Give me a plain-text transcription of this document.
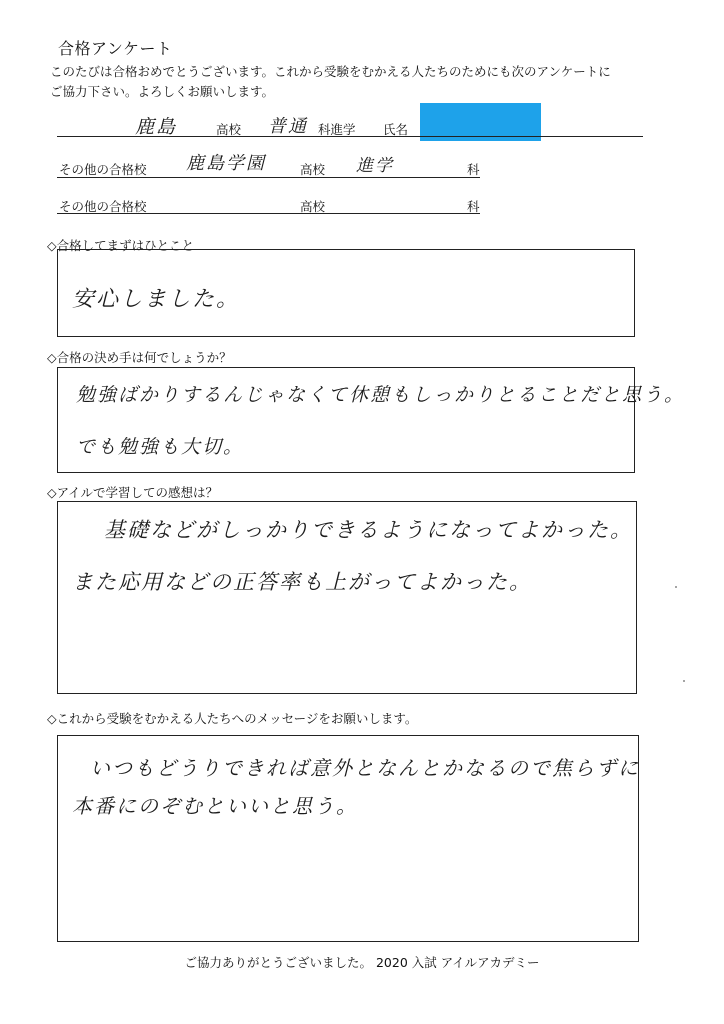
合格アンケート
このたびは合格おめでとうございます。これから受験をむかえる人たちのためにも次のアンケートに
ご協力下さい。よろしくお願いします。
鹿島	高校 普通 科進学 氏名
その他の合格校 鹿島学園	高校 進学	科
その他の合格校	高校	科
◇合格してまずはひとこと
安心しました。
◇合格の決め手は何でしょうか？
勉強ばかりするんじゃなくて休憩もしっかりとることだと思う。
でも勉強も大切。
◇アイルで学習しての感想は？
基礎などがしっかりできるようになってよかった。
また応用などの正答率も上がってよかった。
◇これから受験をむかえる人たちへのメッセージをお願いします。
いつもどうりできれば意外となんとかなるので焦らずに
本番にのぞむといいと思う。
ご協力ありがとうございました。 2020 入試 アイルアカデミー
